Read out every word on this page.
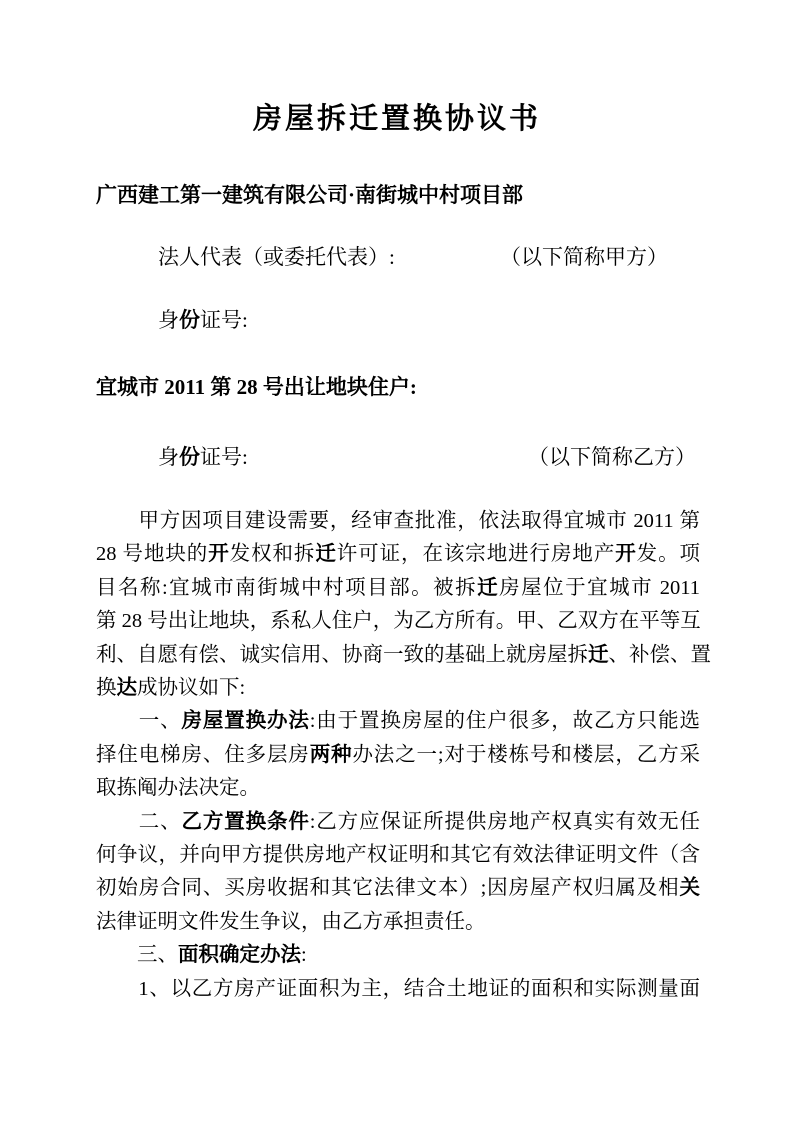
房屋拆迁置换协议书
广西建工第一建筑有限公司·南街城中村项目部
法人代表（或委托代表）:	（以下简称甲方）
身份证号:
宜城市 2011 第 28 号出让地块住户:
身份证号:	（以下简称乙方）
　　甲方因项目建设需要，经审查批准，依法取得宜城市 2011 第
28 号地块的开发权和拆迁许可证，在该宗地进行房地产开发。项
目名称:宜城市南街城中村项目部。被拆迁房屋位于宜城市 2011
第 28 号出让地块，系私人住户，为乙方所有。甲、乙双方在平等互
利、自愿有偿、诚实信用、协商一致的基础上就房屋拆迁、补偿、置
换达成协议如下:
　　一、房屋置换办法:由于置换房屋的住户很多，故乙方只能选
择住电梯房、住多层房两种办法之一;对于楼栋号和楼层，乙方采
取拣阄办法决定。
　　二、乙方置换条件:乙方应保证所提供房地产权真实有效无任
何争议，并向甲方提供房地产权证明和其它有效法律证明文件（含
初始房合同、买房收据和其它法律文本）;因房屋产权归属及相关
法律证明文件发生争议，由乙方承担责任。
　　三、面积确定办法:
　　1、以乙方房产证面积为主，结合土地证的面积和实际测量面
